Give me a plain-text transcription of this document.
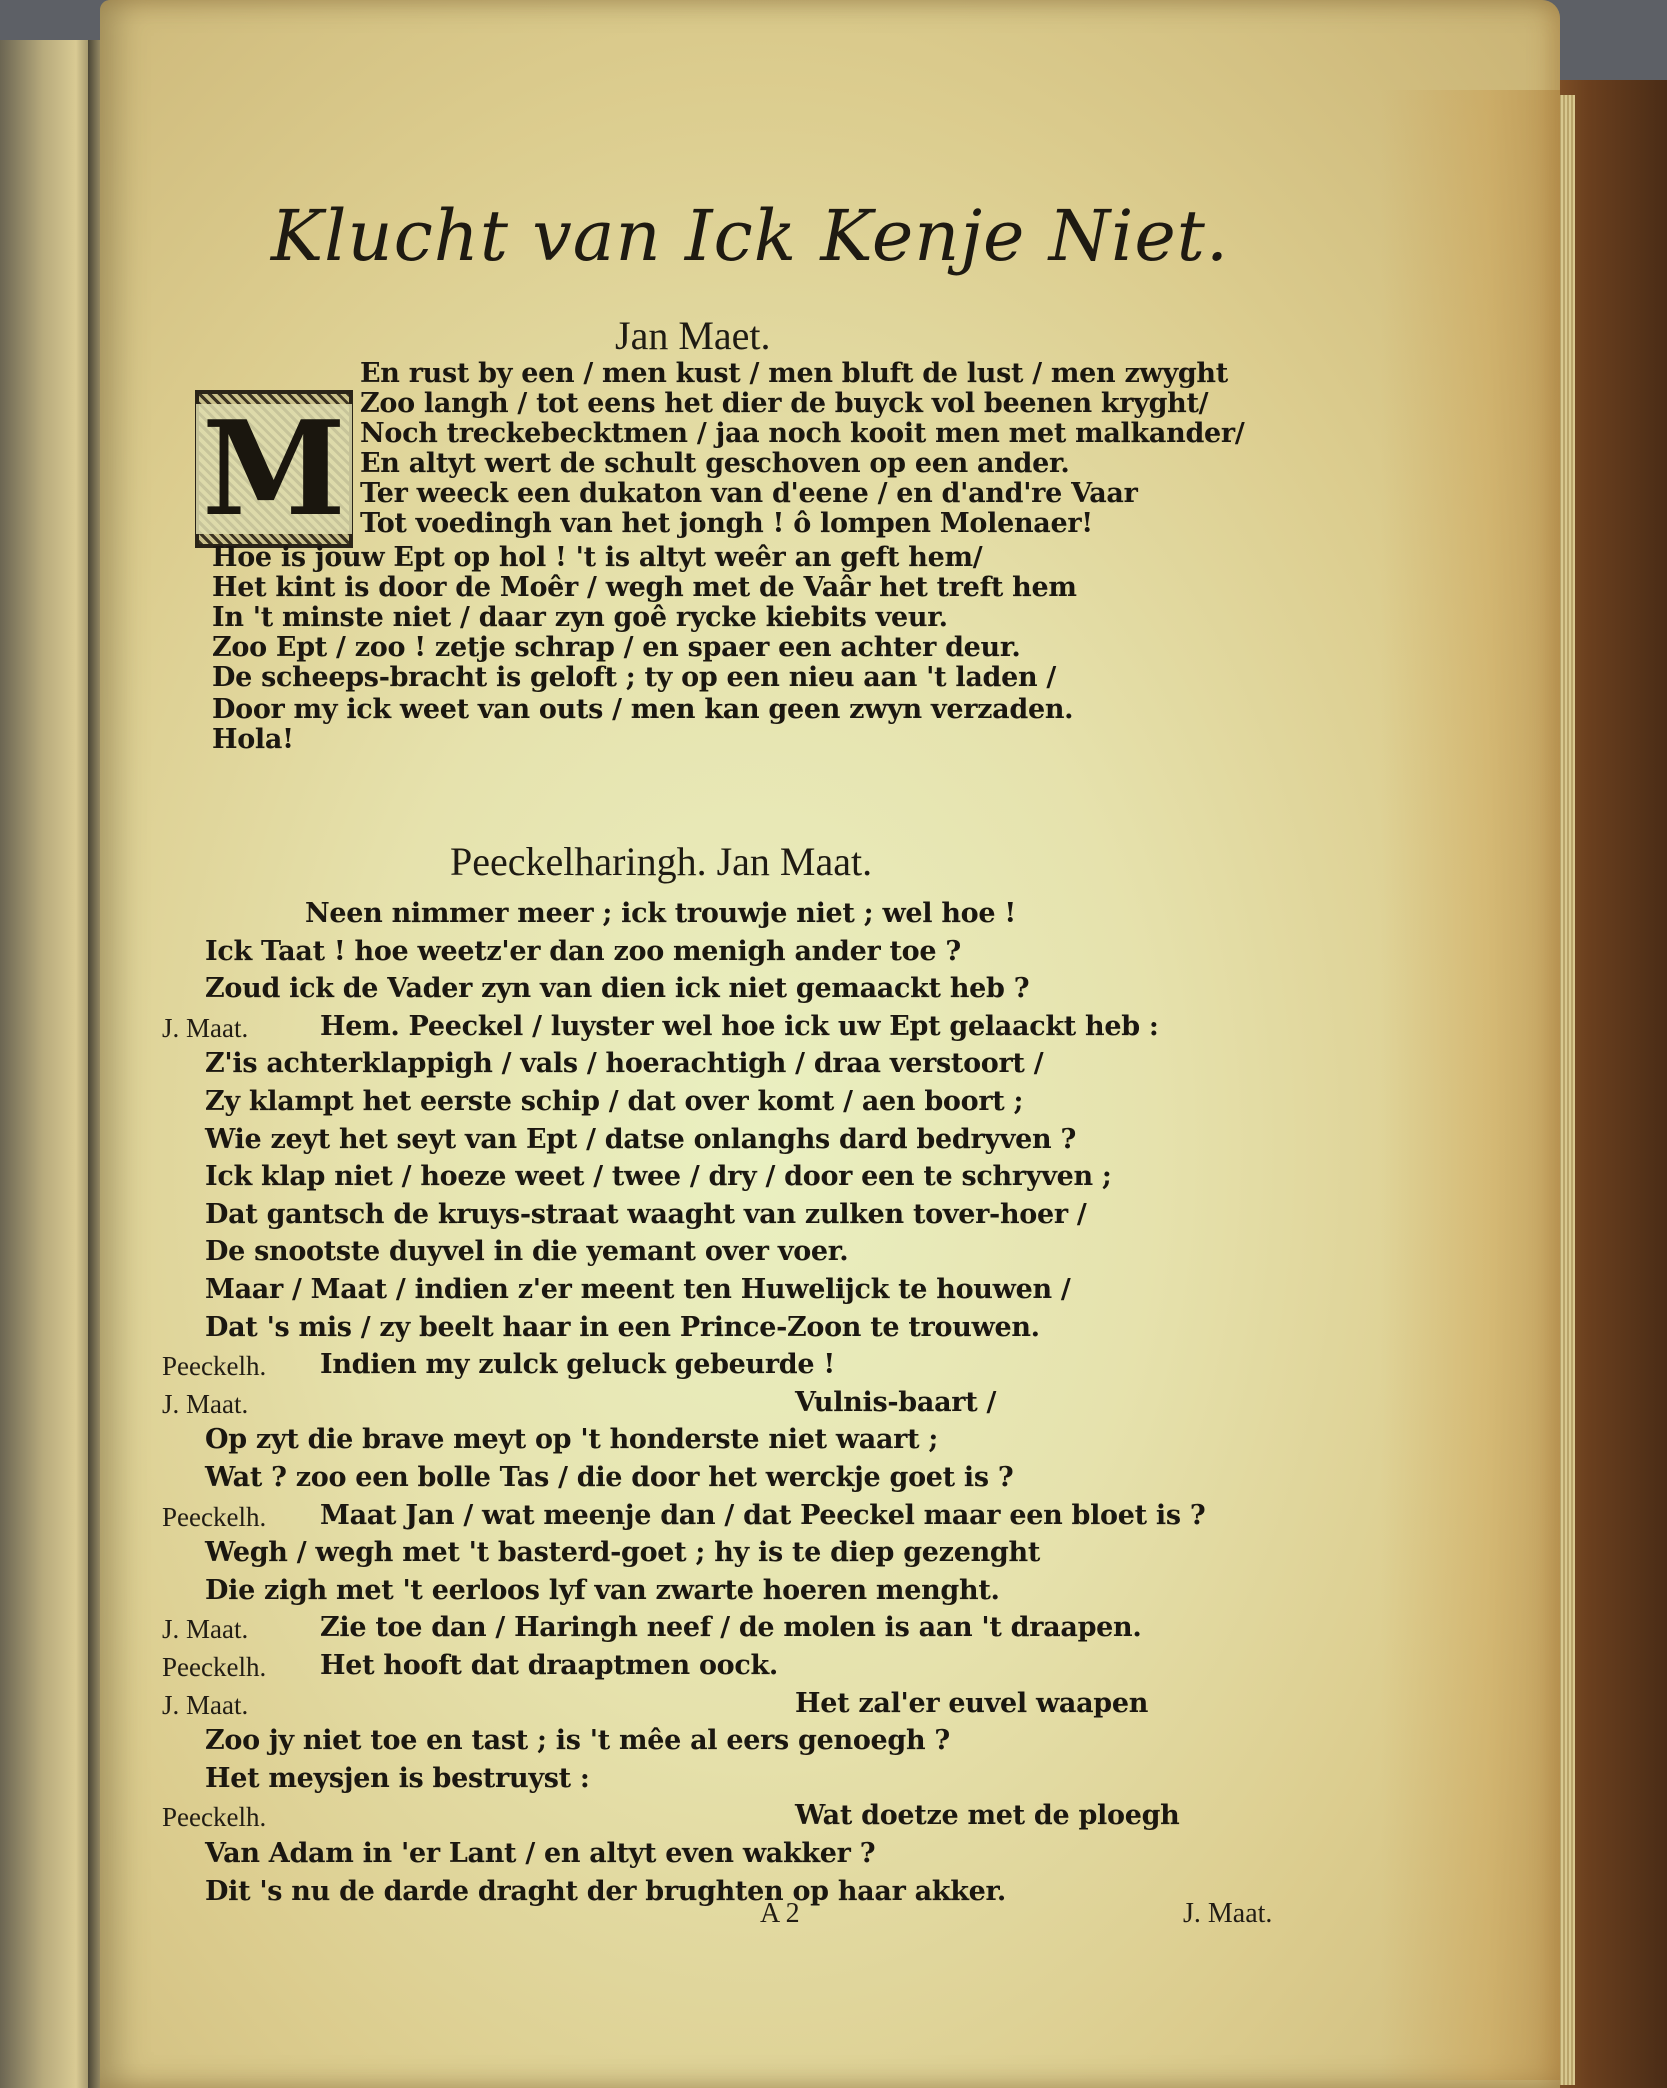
Klucht van Ick Kenje Niet.
Jan Maet.
M
En rust by een / men kust / men bluft de lust / men zwyght
Zoo langh / tot eens het dier de buyck vol beenen kryght/
Noch treckebecktmen / jaa noch kooit men met malkander/
En altyt wert de schult geschoven op een ander.
Ter weeck een dukaton van d'eene / en d'and're Vaar
Tot voedingh van het jongh ! ô lompen Molenaer!
Hoe is jouw Ept op hol ! 't is altyt weêr an geft hem/
Het kint is door de Moêr / wegh met de Vaâr het treft hem
In 't minste niet / daar zyn goê rycke kiebits veur.
Zoo Ept / zoo ! zetje schrap / en spaer een achter deur.
De scheeps-bracht is geloft ; ty op een nieu aan 't laden /
Door my ick weet van outs / men kan geen zwyn verzaden.
Hola!
Peeckelharingh. Jan Maat.
Neen nimmer meer ; ick trouwje niet ; wel hoe !
Ick Taat ! hoe weetz'er dan zoo menigh ander toe ?
Zoud ick de Vader zyn van dien ick niet gemaackt heb ?
J. Maat.	Hem. Peeckel / luyster wel hoe ick uw Ept gelaackt heb :
Z'is achterklappigh / vals / hoerachtigh / draa verstoort /
Zy klampt het eerste schip / dat over komt / aen boort ;
Wie zeyt het seyt van Ept / datse onlanghs dard bedryven ?
Ick klap niet / hoeze weet / twee / dry / door een te schryven ;
Dat gantsch de kruys-straat waaght van zulken tover-hoer /
De snootste duyvel in die yemant over voer.
Maar / Maat / indien z'er meent ten Huwelijck te houwen /
Dat 's mis / zy beelt haar in een Prince-Zoon te trouwen.
Peeckelh. Indien my zulck geluck gebeurde !
J. Maat.	Vulnis-baart /
Op zyt die brave meyt op 't honderste niet waart ;
Wat ? zoo een bolle Tas / die door het werckje goet is ?
Peeckelh. Maat Jan / wat meenje dan / dat Peeckel maar een bloet is ?
Wegh / wegh met 't basterd-goet ; hy is te diep gezenght
Die zigh met 't eerloos lyf van zwarte hoeren menght.
J. Maat.	Zie toe dan / Haringh neef / de molen is aan 't draapen.
Peeckelh. Het hooft dat draaptmen oock.
J. Maat.	Het zal'er euvel waapen
Zoo jy niet toe en tast ; is 't mêe al eers genoegh ?
Het meysjen is bestruyst :
Peeckelh.	Wat doetze met de ploegh
Van Adam in 'er Lant / en altyt even wakker ?
Dit 's nu de darde draght der brughten op haar akker.
A 2	J. Maat.
